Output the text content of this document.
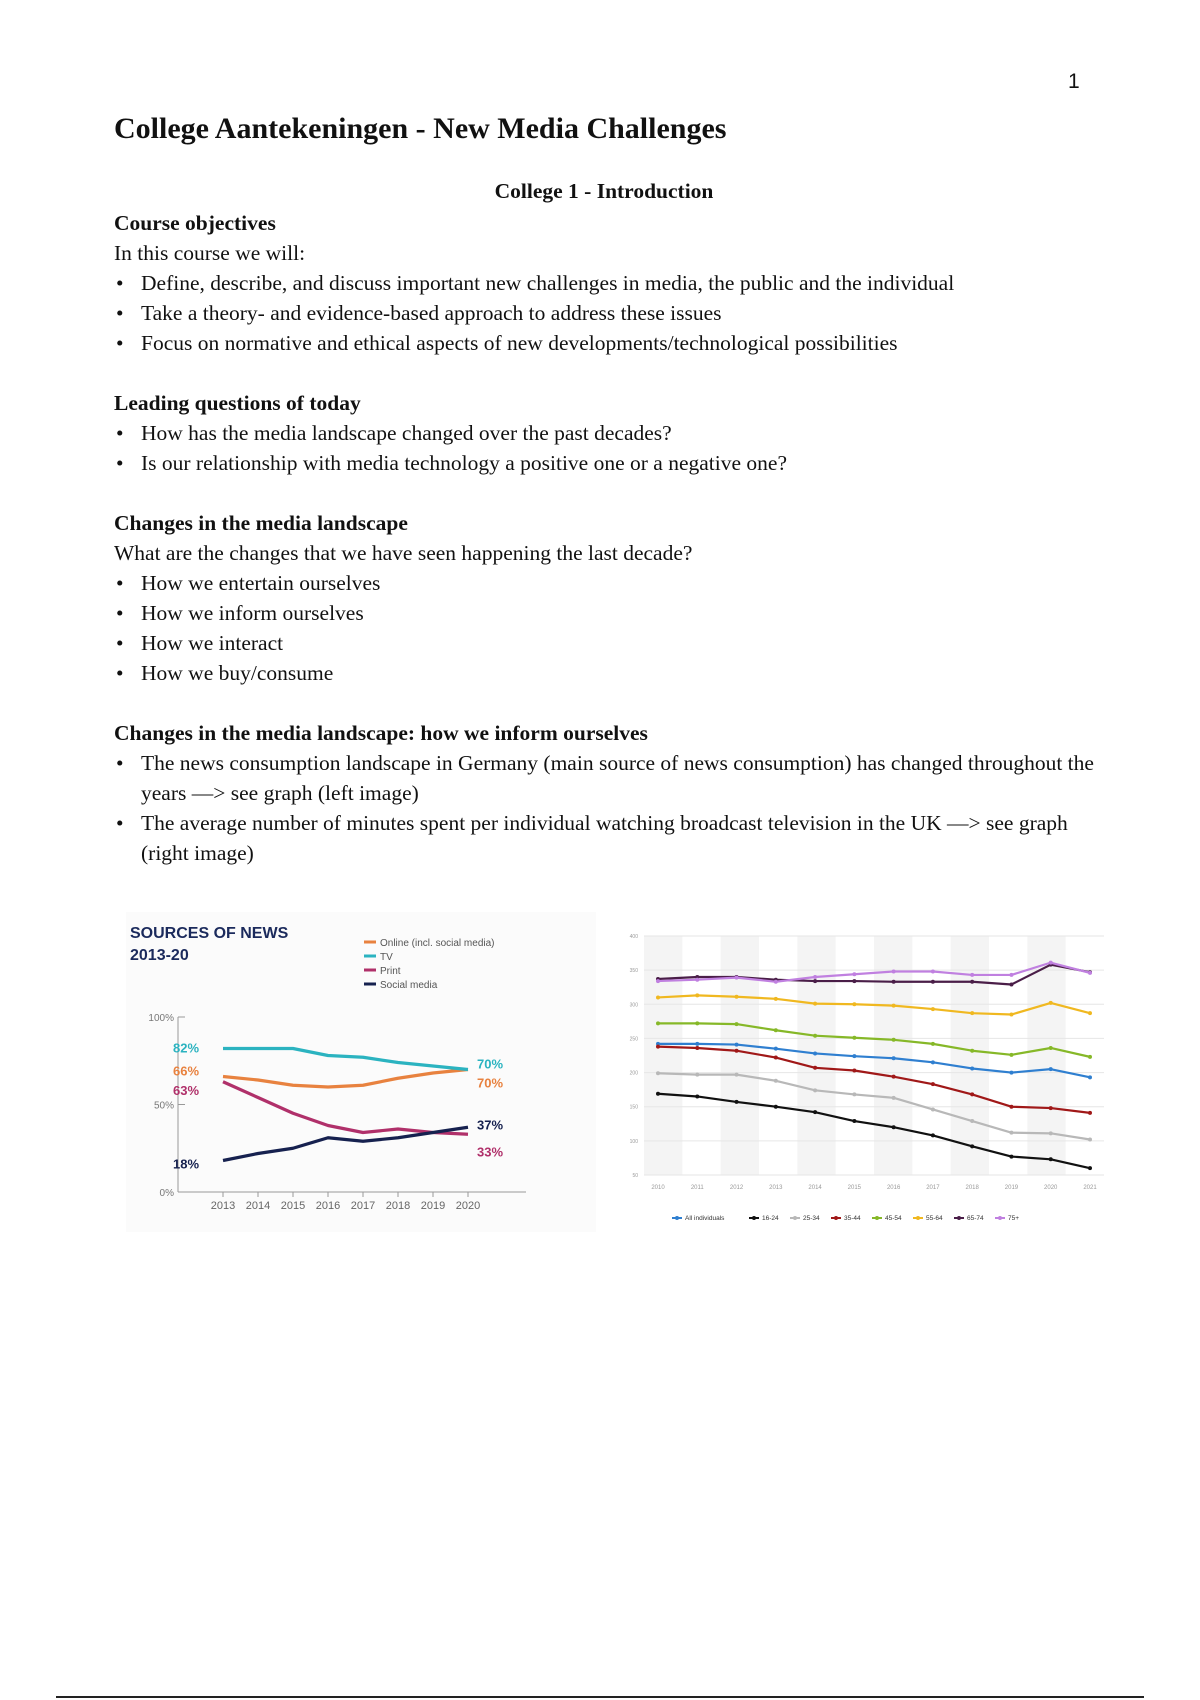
1
College Aantekeningen - New Media Challenges
College 1 - Introduction
Course objectives

In this course we will:

• Define, describe, and discuss important new challenges in media, the public and the individual
• Take a theory- and evidence-based approach to address these issues
• Focus on normative and ethical aspects of new developments/technological possibilities
Leading questions of today
• How has the media landscape changed over the past decades?
• Is our relationship with media technology a positive one or a negative one?
Changes in the media landscape

What are the changes that we have seen happening the last decade?

• How we entertain ourselves
• How we inform ourselves
• How we interact
• How we buy/consume
Changes in the media landscape: how we inform ourselves
• The news consumption landscape in Germany (main source of news consumption) has changed throughout the years —> see graph (left image)
• The average number of minutes spent per individual watching broadcast television in the UK —> see graph (right image)
SOURCES OF NEWS
2013-20
Online (incl. social media)
TV
Print
Social media
100%
50%
0%
2013 2014 2015 2016 2017 2018 2019 2020
66%
70%
82%
70%
63%
33%
18%
37%
50
100
150
200
250
300
350
400
2010	2011	2012	2013	2014	2015	2016	2017	2018	2019	2020	2021
All individuals	16-24	25-34	35-44	45-54	55-64	65-74	75+
